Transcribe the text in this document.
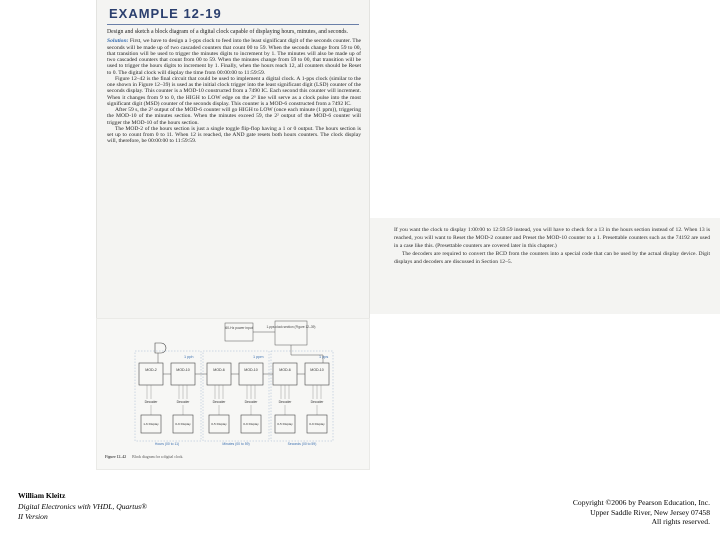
EXAMPLE 12-19

Design and sketch a block diagram of a digital clock capable of displaying hours, minutes, and seconds.

Solution: First, we have to design a 1-pps clock to feed into the least significant digit of the seconds counter. The seconds will be made up of two cascaded counters that count 00 to 59. When the seconds change from 59 to 00, that transition will be used to trigger the minutes digits to increment by 1. The minutes will also be made up of two cascaded counters that count from 00 to 59. When the minutes change from 59 to 00, that transition will be used to trigger the hours digits to increment by 1. Finally, when the hours reach 12, all counters should be Reset to 0. The digital clock will display the time from 00:00:00 to 11:59:59.

Figure 12–42 is the final circuit that could be used to implement a digital clock. A 1-pps clock (similar to the one shown in Figure 12–39) is used as the initial clock trigger into the least significant digit (LSD) counter of the seconds display. This counter is a MOD-10 constructed from a 7490 IC. Each second this counter will increment. When it changes from 9 to 0, the HIGH to LOW edge on the 2³ line will serve as a clock pulse into the most significant digit (MSD) counter of the seconds display. This counter is a MOD-6 constructed from a 7492 IC.

After 59 s, the 2² output of the MOD-6 counter will go HIGH to LOW (once each minute (1 ppm)), triggering the MOD-10 of the minutes section. When the minutes exceed 59, the 2² output of the MOD-6 counter will trigger the MOD-10 of the hours section.

The MOD-2 of the hours section is just a single toggle flip-flop having a 1 or 0 output. The hours section is set up to count from 0 to 11. When 12 is reached, the AND gate resets both hours counters. The clock display will, therefore, be 00:00:00 to 11:59:59.

If you want the clock to display 1:00:00 to 12:59:59 instead, you will have to check for a 13 in the hours section instead of 12. When 13 is reached, you will want to Reset the MOD-2 counter and Preset the MOD-10 counter to a 1. Presettable counters such as the 74192 are used in a case like this. (Presettable counters are covered later in this chapter.)

The decoders are required to convert the BCD from the counters into a special code that can be used by the actual display device. Digit displays and decoders are discussed in Section 12–5.

60-Hz power input	1-pps clock section (Figure 12–39)
1 pph	1 ppm	1 pps
MOD-2	MOD-10	MOD-6	MOD-10	MOD-6	MOD-10
Decoder	Decoder	Decoder	Decoder	Decoder	Decoder
1-6 Display	0-9 Display	0-5 Display	0-9 Display	0-5 Display	0-9 Display
Hours (00 to 11)	Minutes (00 to 59)	Seconds (00 to 59)
Figure 12–42 Block diagram for a digital clock.
William Kleitz
Digital Electronics with VHDL, Quartus®
II Version
Copyright ©2006 by Pearson Education, Inc.
Upper Saddle River, New Jersey 07458
All rights reserved.
